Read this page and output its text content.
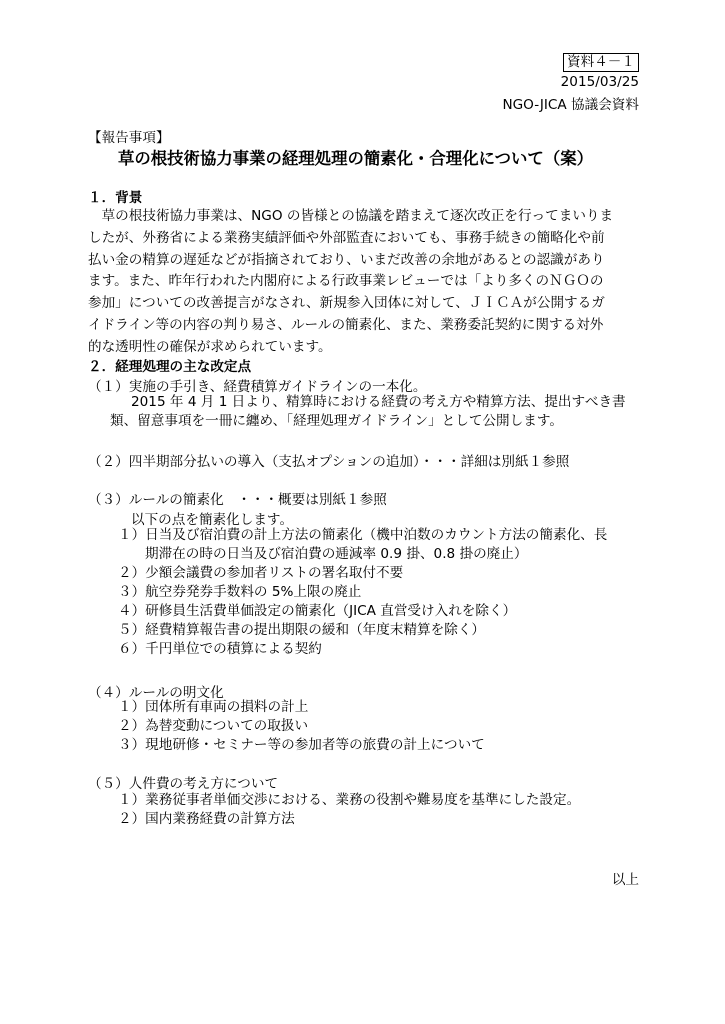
資料４－１
2015/03/25
NGO-JICA 協議会資料
【報告事項】
草の根技術協力事業の経理処理の簡素化・合理化について（案）
１．背景
　草の根技術協力事業は、NGO の皆様との協議を踏まえて逐次改正を行ってまいりま
したが、外務省による業務実績評価や外部監査においても、事務手続きの簡略化や前
払い金の精算の遅延などが指摘されており、いまだ改善の余地があるとの認識があり
ます。また、昨年行われた内閣府による行政事業レビューでは「より多くのＮＧＯの
参加」についての改善提言がなされ、新規参入団体に対して、ＪＩＣＡが公開するガ
イドライン等の内容の判り易さ、ルールの簡素化、また、業務委託契約に関する対外
的な透明性の確保が求められています。
２．経理処理の主な改定点
（１）実施の手引き、経費積算ガイドラインの一本化。
2015 年 4 月 1 日より、精算時における経費の考え方や精算方法、提出すべき書
類、留意事項を一冊に纏め、「経理処理ガイドライン」として公開します。
（２）四半期部分払いの導入（支払オプションの追加）・・・詳細は別紙１参照
（３）ルールの簡素化　・・・概要は別紙１参照
以下の点を簡素化します。
１）日当及び宿泊費の計上方法の簡素化（機中泊数のカウント方法の簡素化、長
期滞在の時の日当及び宿泊費の逓減率 0.9 掛、0.8 掛の廃止）
２）少額会議費の参加者リストの署名取付不要
３）航空券発券手数料の 5%上限の廃止
４）研修員生活費単価設定の簡素化（JICA 直営受け入れを除く）
５）経費精算報告書の提出期限の緩和（年度末精算を除く）
６）千円単位での積算による契約
（４）ルールの明文化
１）団体所有車両の損料の計上
２）為替変動についての取扱い
３）現地研修・セミナー等の参加者等の旅費の計上について
（５）人件費の考え方について
１）業務従事者単価交渉における、業務の役割や難易度を基準にした設定。
２）国内業務経費の計算方法
以上
